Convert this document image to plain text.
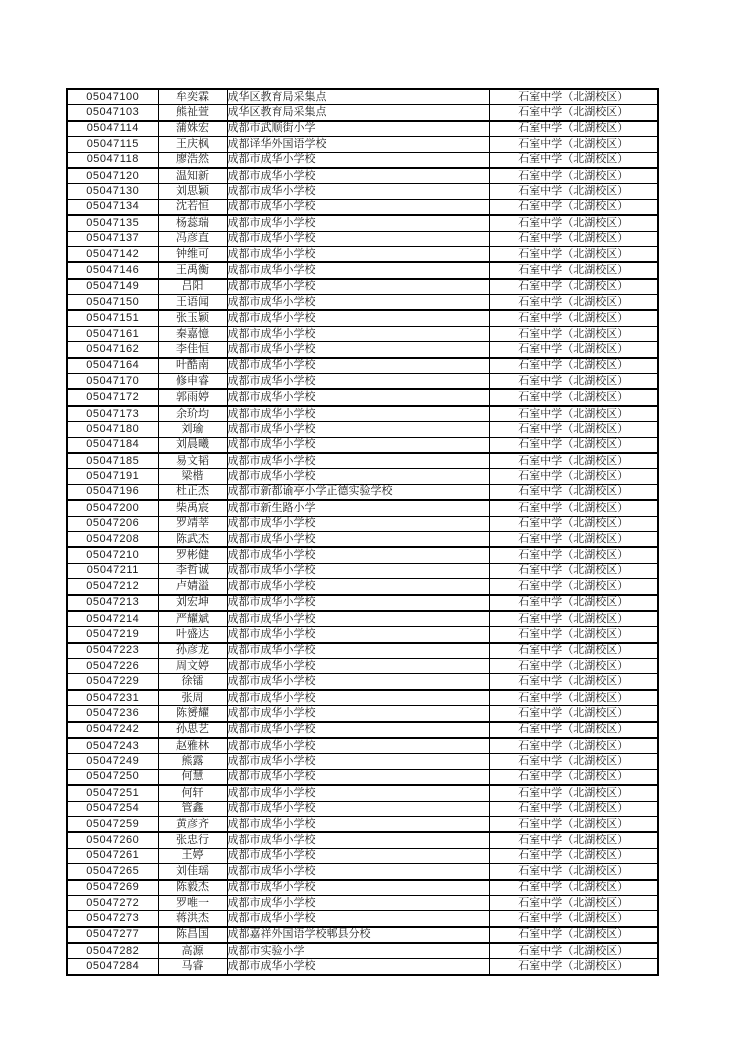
05047100	牟奕霖	成华区教育局采集点	石室中学（北湖校区）
05047103	熊祉萱	成华区教育局采集点	石室中学（北湖校区）
05047114	蒲姝宏	成都市武顺街小学	石室中学（北湖校区）
05047115	王庆枫	成都译华外国语学校	石室中学（北湖校区）
05047118	廖浩然	成都市成华小学校	石室中学（北湖校区）
05047120	温知新	成都市成华小学校	石室中学（北湖校区）
05047130	刘思颖	成都市成华小学校	石室中学（北湖校区）
05047134	沈若恒	成都市成华小学校	石室中学（北湖校区）
05047135	杨蕊瑞	成都市成华小学校	石室中学（北湖校区）
05047137	冯彦直	成都市成华小学校	石室中学（北湖校区）
05047142	钟维可	成都市成华小学校	石室中学（北湖校区）
05047146	王禹衡	成都市成华小学校	石室中学（北湖校区）
05047149	吕阳	成都市成华小学校	石室中学（北湖校区）
05047150	王语闻	成都市成华小学校	石室中学（北湖校区）
05047151	张玉颖	成都市成华小学校	石室中学（北湖校区）
05047161	秦嘉憶	成都市成华小学校	石室中学（北湖校区）
05047162	李佳恒	成都市成华小学校	石室中学（北湖校区）
05047164	叶酷南	成都市成华小学校	石室中学（北湖校区）
05047170	修申睿	成都市成华小学校	石室中学（北湖校区）
05047172	郭雨婷	成都市成华小学校	石室中学（北湖校区）
05047173	余玠均	成都市成华小学校	石室中学（北湖校区）
05047180	刘瑜	成都市成华小学校	石室中学（北湖校区）
05047184	刘晨曦	成都市成华小学校	石室中学（北湖校区）
05047185	易文韬	成都市成华小学校	石室中学（北湖校区）
05047191	梁楷	成都市成华小学校	石室中学（北湖校区）
05047196	杜正杰	成都市新都谕亭小学正德实验学校	石室中学（北湖校区）
05047200	柴禹宸	成都市新生路小学	石室中学（北湖校区）
05047206	罗靖莘	成都市成华小学校	石室中学（北湖校区）
05047208	陈武杰	成都市成华小学校	石室中学（北湖校区）
05047210	罗彬健	成都市成华小学校	石室中学（北湖校区）
05047211	李哲诚	成都市成华小学校	石室中学（北湖校区）
05047212	卢婧溢	成都市成华小学校	石室中学（北湖校区）
05047213	刘宏坤	成都市成华小学校	石室中学（北湖校区）
05047214	严耀斌	成都市成华小学校	石室中学（北湖校区）
05047219	叶盛达	成都市成华小学校	石室中学（北湖校区）
05047223	孙彦龙	成都市成华小学校	石室中学（北湖校区）
05047226	周文婷	成都市成华小学校	石室中学（北湖校区）
05047229	徐镭	成都市成华小学校	石室中学（北湖校区）
05047231	张周	成都市成华小学校	石室中学（北湖校区）
05047236	陈赟耀	成都市成华小学校	石室中学（北湖校区）
05047242	孙思艺	成都市成华小学校	石室中学（北湖校区）
05047243	赵雅林	成都市成华小学校	石室中学（北湖校区）
05047249	熊露	成都市成华小学校	石室中学（北湖校区）
05047250	何慧	成都市成华小学校	石室中学（北湖校区）
05047251	何轩	成都市成华小学校	石室中学（北湖校区）
05047254	管鑫	成都市成华小学校	石室中学（北湖校区）
05047259	黄彦齐	成都市成华小学校	石室中学（北湖校区）
05047260	张忠行	成都市成华小学校	石室中学（北湖校区）
05047261	王婷	成都市成华小学校	石室中学（北湖校区）
05047265	刘佳瑶	成都市成华小学校	石室中学（北湖校区）
05047269	陈毅杰	成都市成华小学校	石室中学（北湖校区）
05047272	罗唯一	成都市成华小学校	石室中学（北湖校区）
05047273	蒋洪杰	成都市成华小学校	石室中学（北湖校区）
05047277	陈昌国	成都嘉祥外国语学校郫县分校	石室中学（北湖校区）
05047282	高源	成都市实验小学	石室中学（北湖校区）
05047284	马睿	成都市成华小学校	石室中学（北湖校区）
